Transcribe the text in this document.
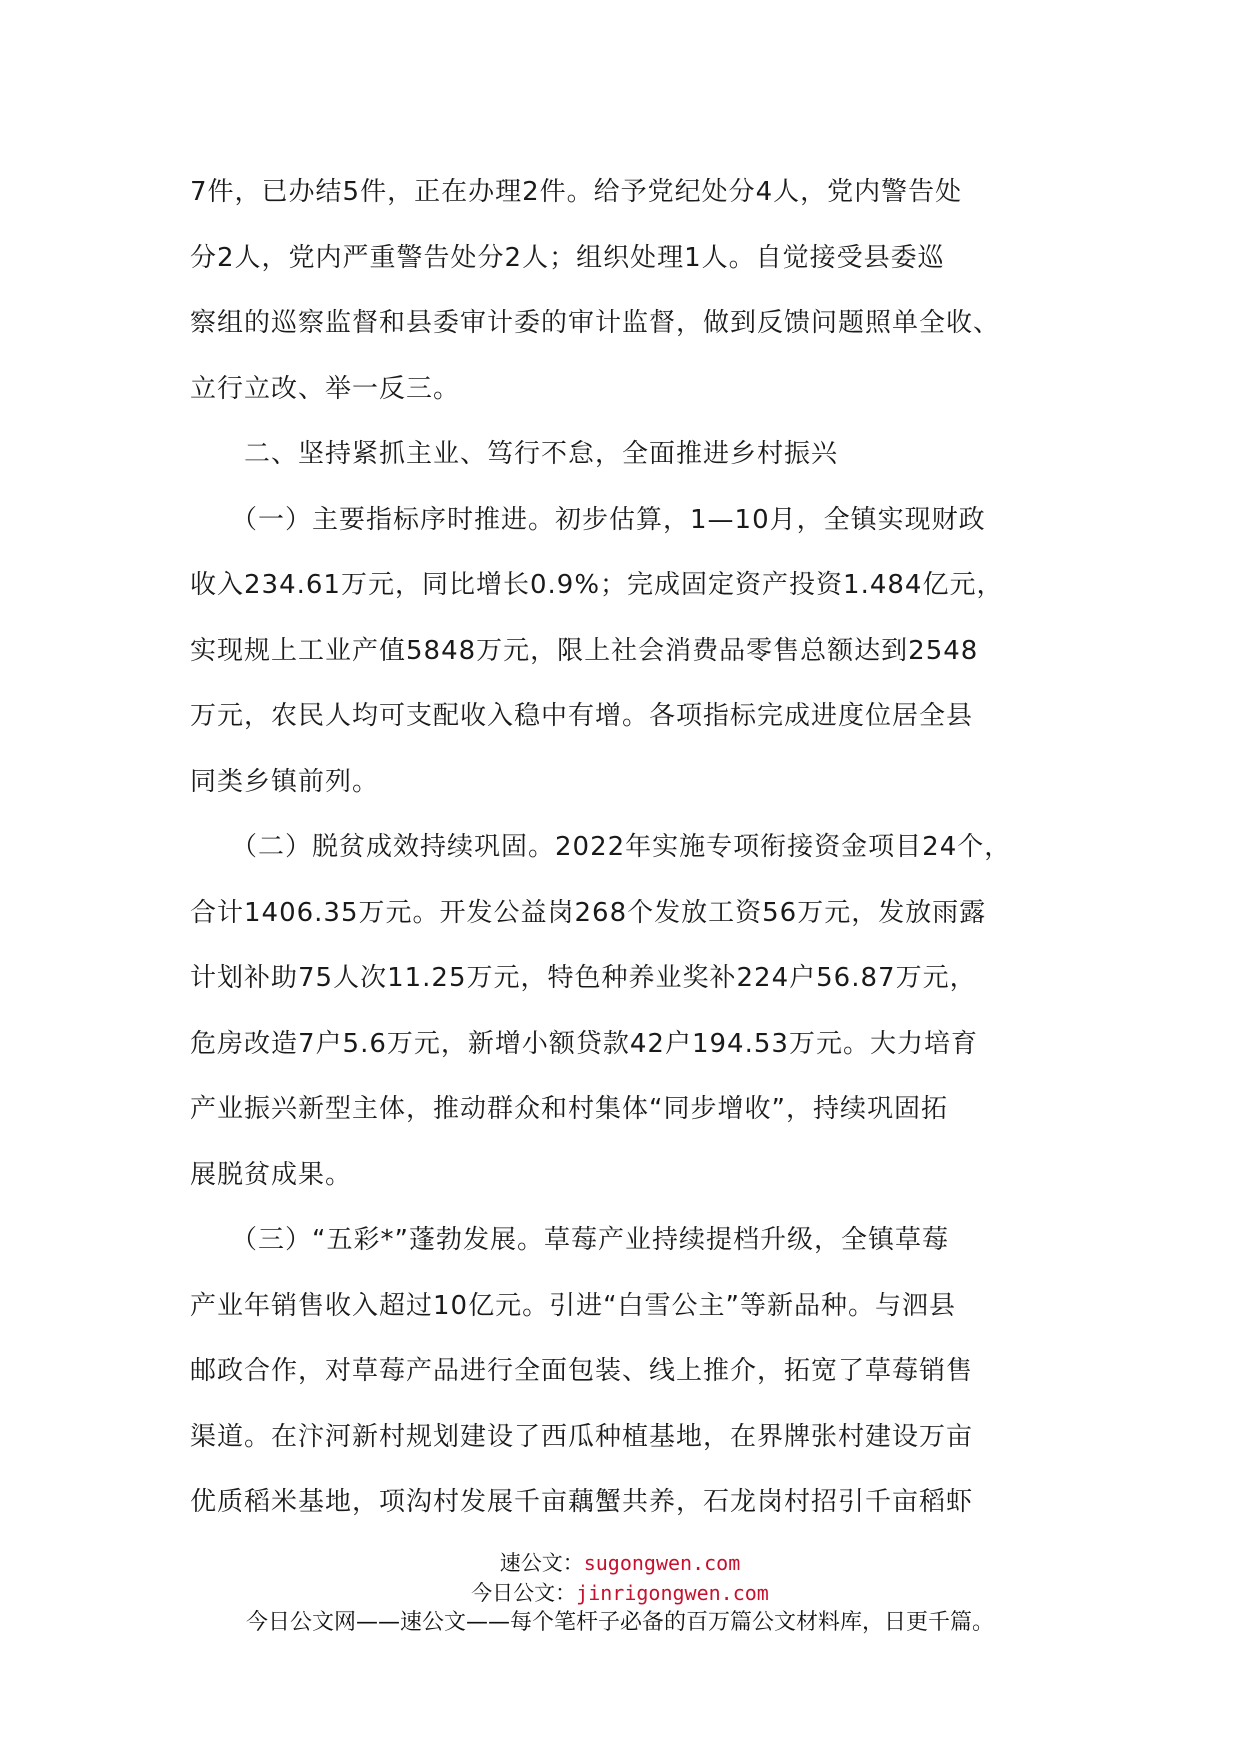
7件，已办结5件，正在办理2件。给予党纪处分4人，党内警告处
分2人，党内严重警告处分2人；组织处理1人。自觉接受县委巡
察组的巡察监督和县委审计委的审计监督，做到反馈问题照单全收、
立行立改、举一反三。
　　二、坚持紧抓主业、笃行不怠，全面推进乡村振兴
　　（一）主要指标序时推进。初步估算，1—10月，全镇实现财政
收入234.61万元，同比增长0.9%；完成固定资产投资1.484亿元，
实现规上工业产值5848万元，限上社会消费品零售总额达到2548
万元，农民人均可支配收入稳中有增。各项指标完成进度位居全县
同类乡镇前列。
　　（二）脱贫成效持续巩固。2022年实施专项衔接资金项目24个，
合计1406.35万元。开发公益岗268个发放工资56万元，发放雨露
计划补助75人次11.25万元，特色种养业奖补224户56.87万元，
危房改造7户5.6万元，新增小额贷款42户194.53万元。大力培育
产业振兴新型主体，推动群众和村集体“同步增收”，持续巩固拓
展脱贫成果。
　　（三）“五彩*”蓬勃发展。草莓产业持续提档升级，全镇草莓
产业年销售收入超过10亿元。引进“白雪公主”等新品种。与泗县
邮政合作，对草莓产品进行全面包装、线上推介，拓宽了草莓销售
渠道。在汴河新村规划建设了西瓜种植基地，在界牌张村建设万亩
优质稻米基地，项沟村发展千亩藕蟹共养，石龙岗村招引千亩稻虾
速公文：sugongwen.com
今日公文：jinrigongwen.com
今日公文网——速公文——每个笔杆子必备的百万篇公文材料库，日更千篇。
